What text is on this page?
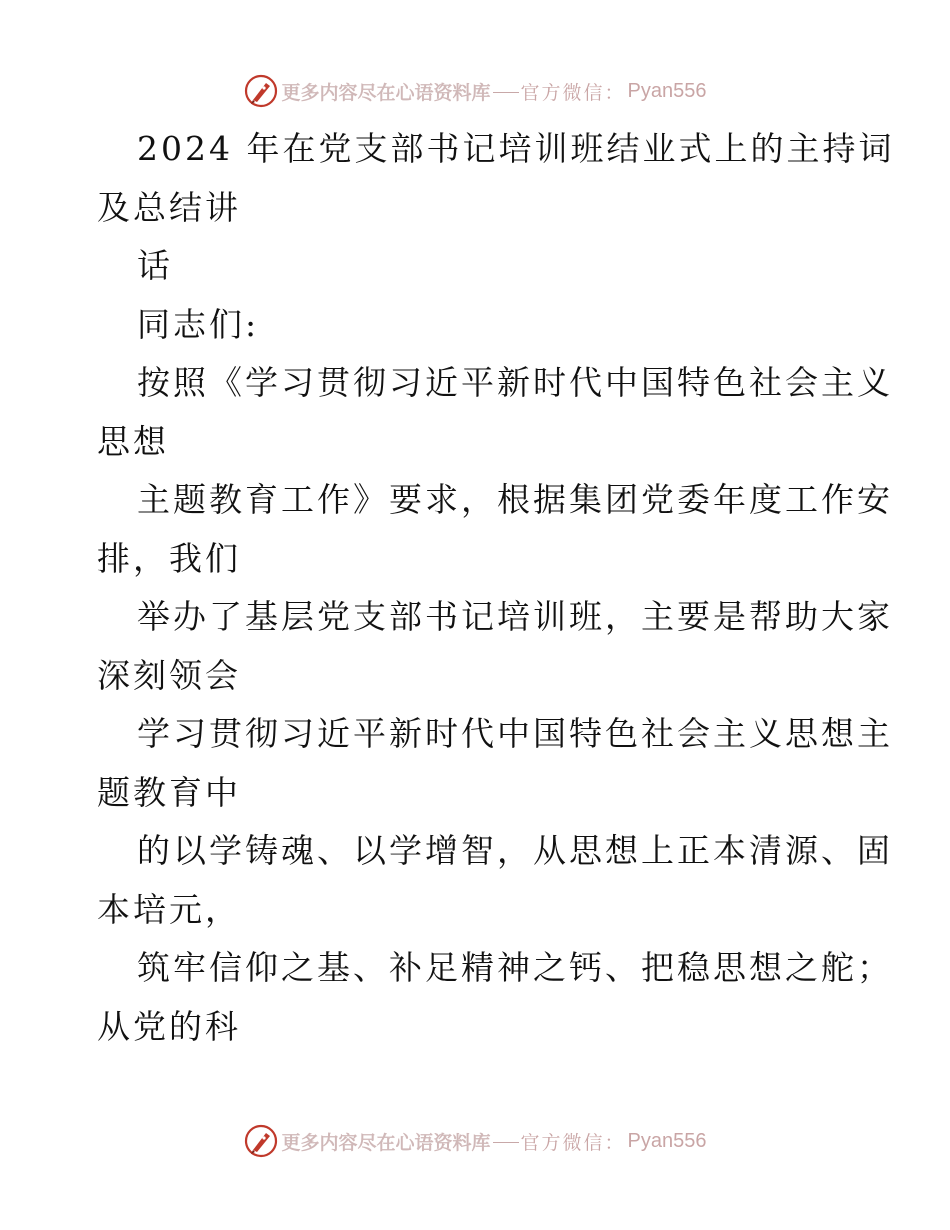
更多内容尽在心语资料库 官方微信： Pyan556
2024 年在党支部书记培训班结业式上的主持词
及总结讲
话
同志们:
按照《学习贯彻习近平新时代中国特色社会主义
思想
主题教育工作》要求，根据集团党委年度工作安
排，我们
举办了基层党支部书记培训班，主要是帮助大家
深刻领会
学习贯彻习近平新时代中国特色社会主义思想主
题教育中
的以学铸魂、以学增智，从思想上正本清源、固
本培元，
筑牢信仰之基、补足精神之钙、把稳思想之舵；
从党的科
更多内容尽在心语资料库 官方微信： Pyan556
